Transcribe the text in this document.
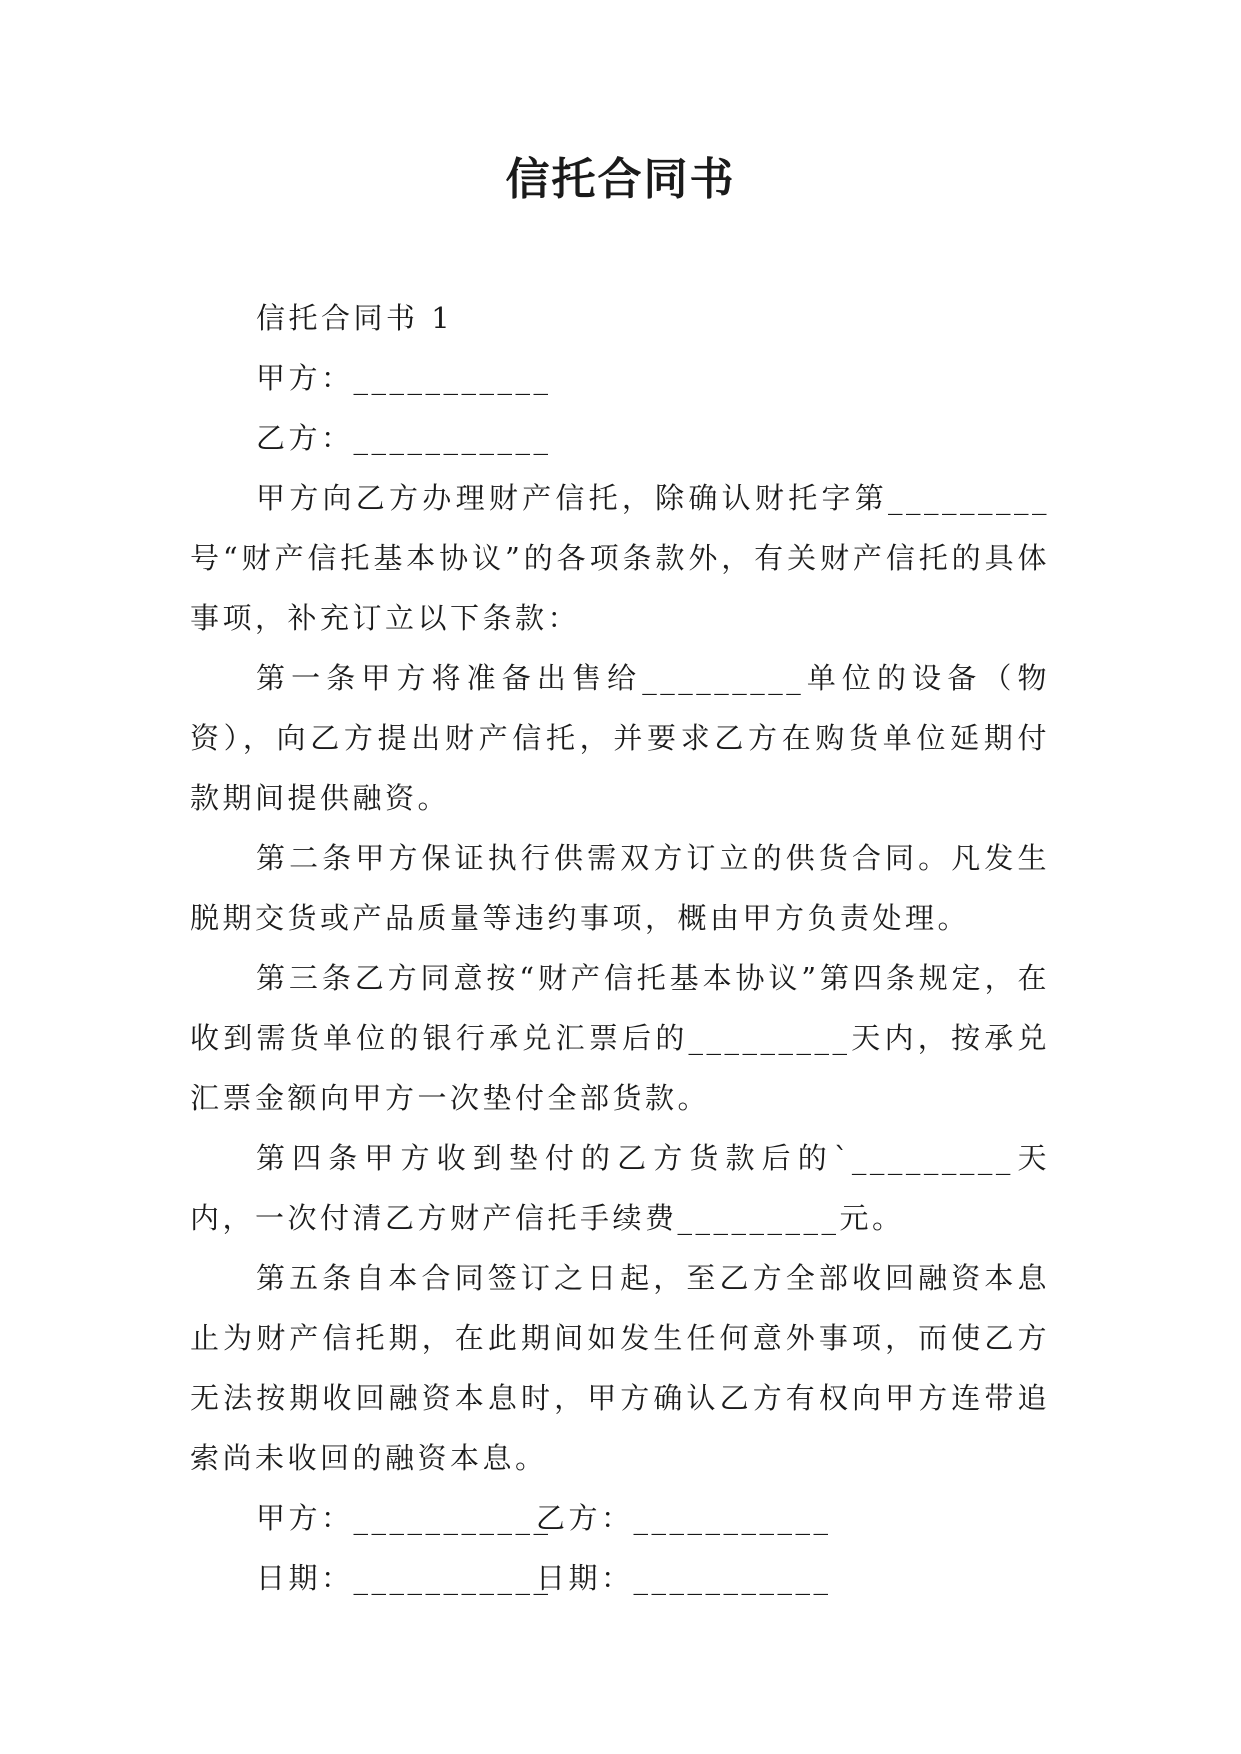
信托合同书

信托合同书 1

甲方：___________

乙方：___________

甲方向乙方办理财产信托，除确认财托字第_________号“财产信托基本协议”的各项条款外，有关财产信托的具体事项，补充订立以下条款：

第一条甲方将准备出售给_________单位的设备（物资），向乙方提出财产信托，并要求乙方在购货单位延期付款期间提供融资。

第二条甲方保证执行供需双方订立的供货合同。凡发生脱期交货或产品质量等违约事项，概由甲方负责处理。

第三条乙方同意按“财产信托基本协议”第四条规定，在收到需货单位的银行承兑汇票后的_________天内，按承兑汇票金额向甲方一次垫付全部货款。

第四条甲方收到垫付的乙方货款后的`_________天内，一次付清乙方财产信托手续费_________元。

第五条自本合同签订之日起，至乙方全部收回融资本息止为财产信托期，在此期间如发生任何意外事项，而使乙方无法按期收回融资本息时，甲方确认乙方有权向甲方连带追索尚未收回的融资本息。

甲方：___________
乙方：___________
日期：___________
日期：___________
